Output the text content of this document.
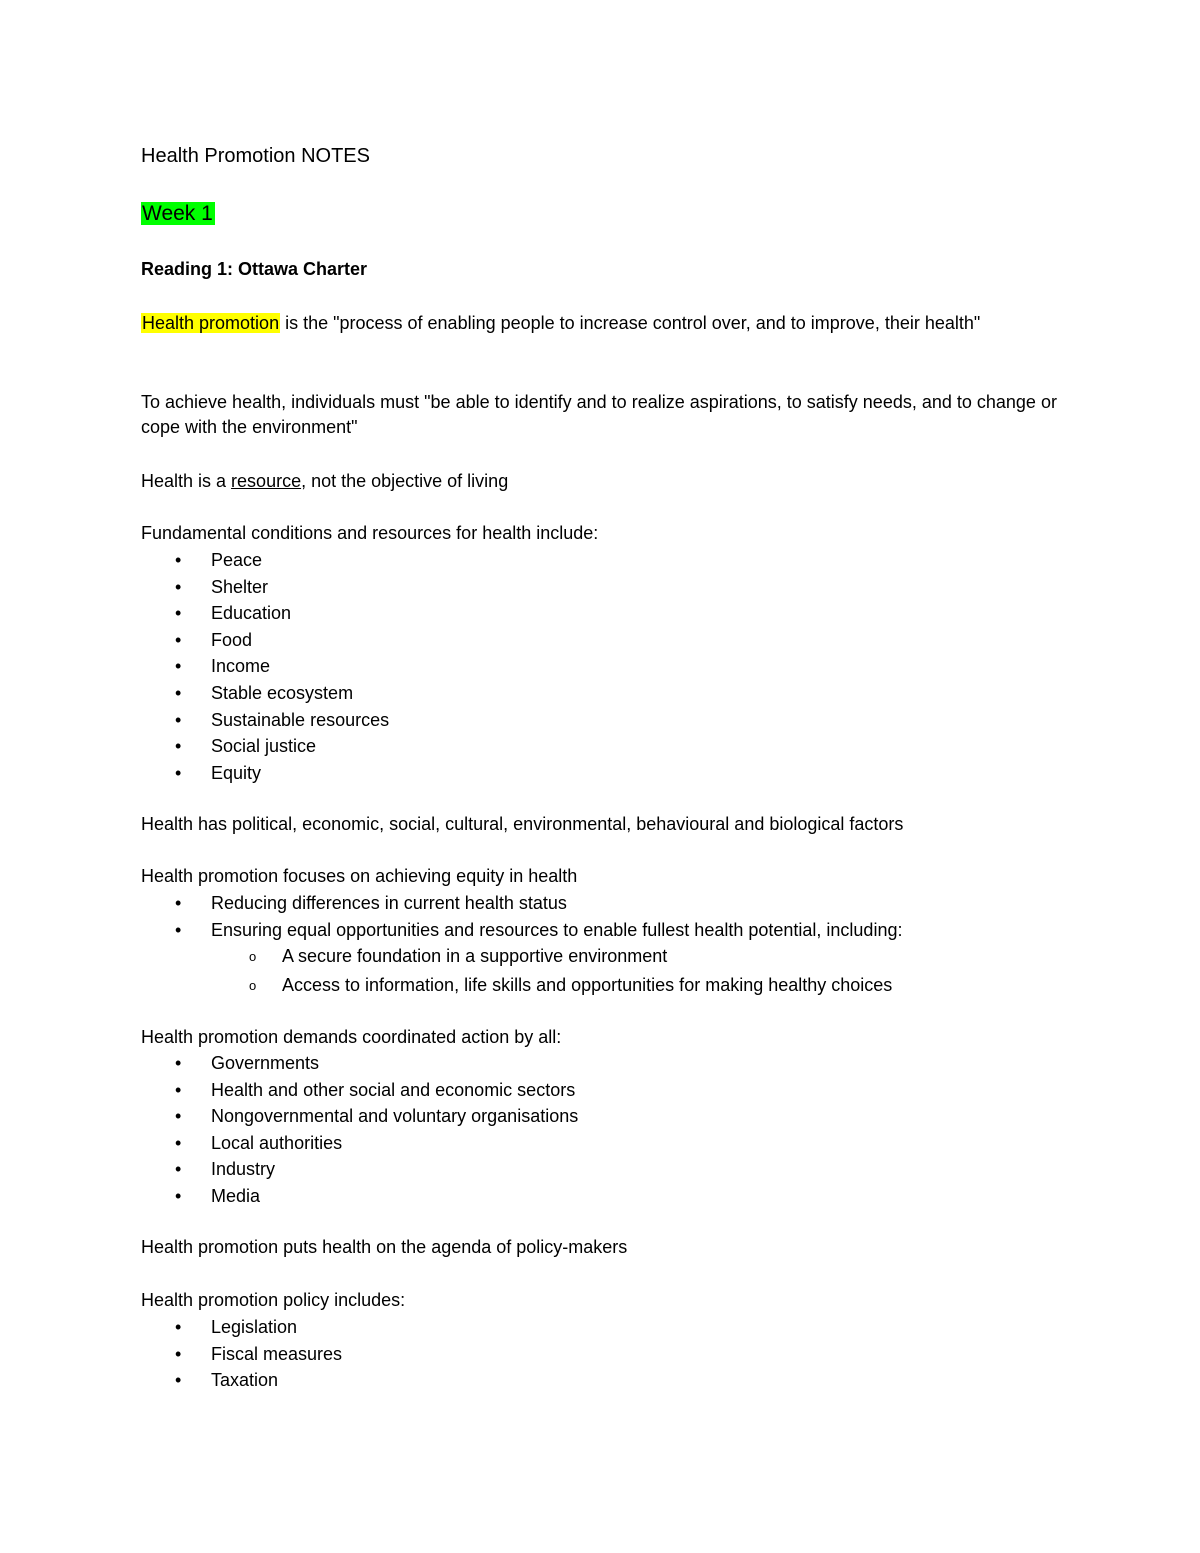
Health Promotion NOTES

Week 1

Reading 1: Ottawa Charter

Health promotion is the "process of enabling people to increase control over, and to improve, their health"

To achieve health, individuals must "be able to identify and to realize aspirations, to satisfy needs, and to change or cope with the environment"

Health is a resource, not the objective of living

Fundamental conditions and resources for health include:

• Peace
• Shelter
• Education
• Food
• Income
• Stable ecosystem
• Sustainable resources
• Social justice
• Equity

Health has political, economic, social, cultural, environmental, behavioural and biological factors

Health promotion focuses on achieving equity in health

• Reducing differences in current health status
• Ensuring equal opportunities and resources to enable fullest health potential, including:
o A secure foundation in a supportive environment
o Access to information, life skills and opportunities for making healthy choices

Health promotion demands coordinated action by all:

• Governments
• Health and other social and economic sectors
• Nongovernmental and voluntary organisations
• Local authorities
• Industry
• Media

Health promotion puts health on the agenda of policy-makers

Health promotion policy includes:

• Legislation
• Fiscal measures
• Taxation
